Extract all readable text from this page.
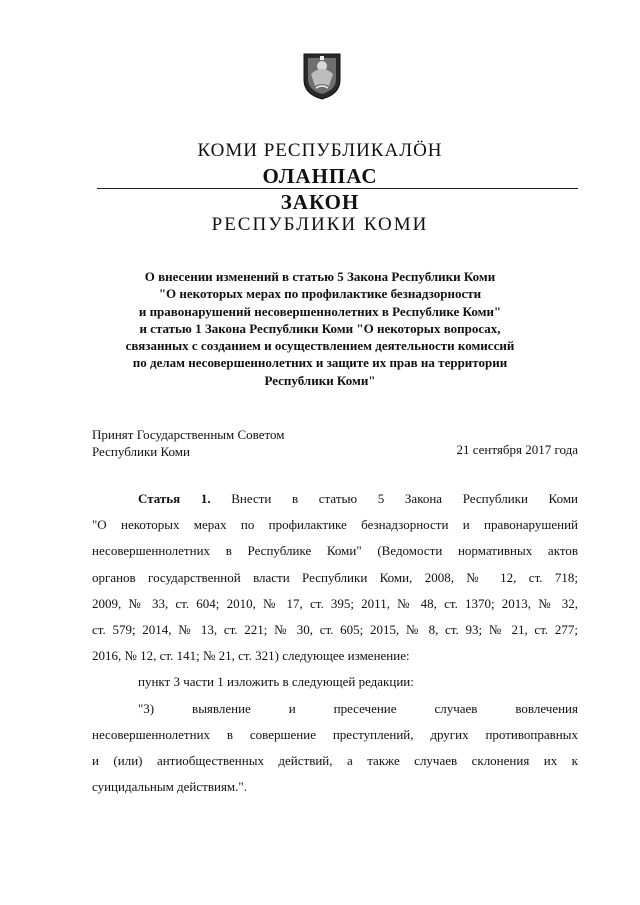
КОМИ РЕСПУБЛИКАЛÖН
ОЛАНПАС
ЗАКОН
РЕСПУБЛИКИ КОМИ
О внесении изменений в статью 5 Закона Республики Коми
"О некоторых мерах по профилактике безнадзорности
и правонарушений несовершеннолетних в Республике Коми"
и статью 1 Закона Республики Коми "О некоторых вопросах,
связанных с созданием и осуществлением деятельности комиссий
по делам несовершеннолетних и защите их прав на территории
Республики Коми"
Принят Государственным Советом
Республики Коми	21 сентября 2017 года
Статья 1. Внести в статью 5 Закона Республики Коми
"О некоторых мерах по профилактике безнадзорности и правонарушений
несовершеннолетних в Республике Коми" (Ведомости нормативных актов
органов государственной власти Республики Коми, 2008, № 12, ст. 718;
2009, № 33, ст. 604; 2010, № 17, ст. 395; 2011, № 48, ст. 1370; 2013, № 32,
ст. 579; 2014, № 13, ст. 221; № 30, ст. 605; 2015, № 8, ст. 93; № 21, ст. 277;
2016, № 12, ст. 141; № 21, ст. 321) следующее изменение:
пункт 3 части 1 изложить в следующей редакции:
"3) выявление и пресечение случаев вовлечения
несовершеннолетних в совершение преступлений, других противоправных
и (или) антиобщественных действий, а также случаев склонения их к
суицидальным действиям.".
